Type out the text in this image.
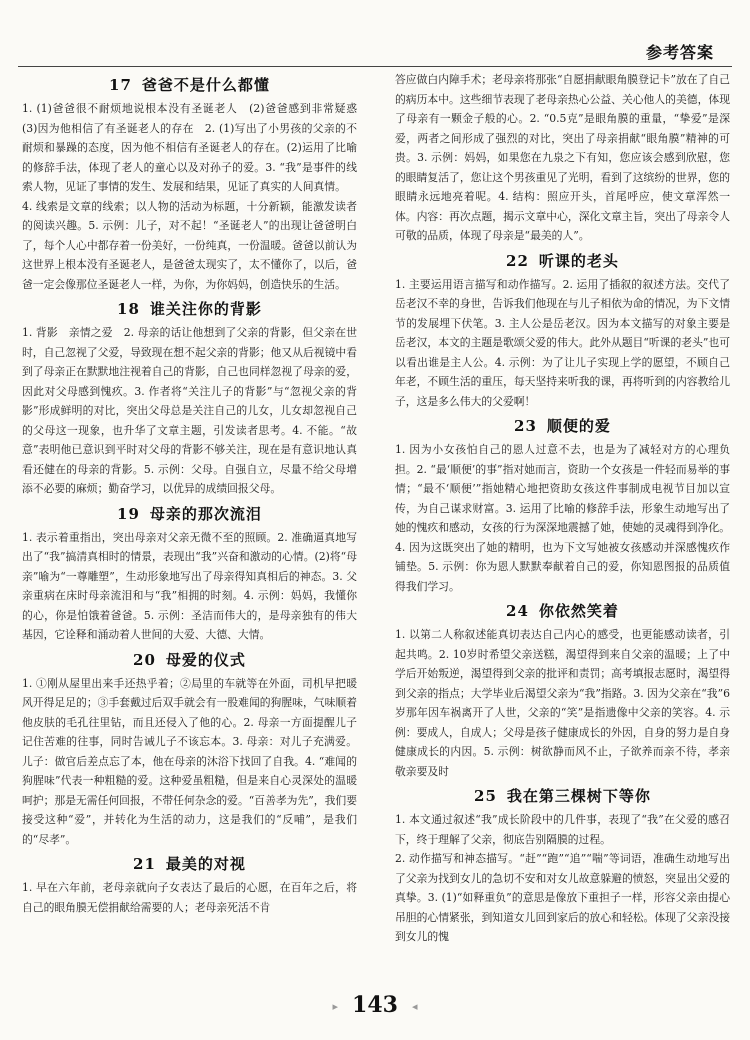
参考答案
17 爸爸不是什么都懂

1. (1)爸爸很不耐烦地说根本没有圣诞老人　(2)爸爸感到非常疑惑　(3)因为他相信了有圣诞老人的存在　2. (1)写出了小男孩的父亲的不耐烦和暴躁的态度，因为他不相信有圣诞老人的存在。(2)运用了比喻的修辞手法，体现了老人的童心以及对孙子的爱。3. “我”是事件的线索人物，见证了事情的发生、发展和结果，见证了真实的人间真情。

4. 线索是文章的线索；以人物的活动为标题，十分新颖，能激发读者的阅读兴趣。5. 示例：儿子，对不起！“圣诞老人”的出现让爸爸明白了，每个人心中都存着一份美好，一份纯真，一份温暖。爸爸以前认为这世界上根本没有圣诞老人，是爸爸太现实了，太不懂你了，以后，爸爸一定会像那位圣诞老人一样，为你，为你妈妈，创造快乐的生活。

18 谁关注你的背影

1. 背影　亲情之爱　2. 母亲的话让他想到了父亲的背影，但父亲在世时，自己忽视了父爱，导致现在想不起父亲的背影；他又从后视镜中看到了母亲正在默默地注视着自己的背影，自己也同样忽视了母亲的爱，因此对父母感到愧疚。3. 作者将“关注儿子的背影”与“忽视父亲的背影”形成鲜明的对比，突出父母总是关注自己的儿女，儿女却忽视自己的父母这一现象，也升华了文章主题，引发读者思考。4. 不能。“故意”表明他已意识到平时对父母的背影不够关注，现在是有意识地认真看还健在的母亲的背影。5. 示例：父母。自强自立，尽量不给父母增添不必要的麻烦；勤奋学习，以优异的成绩回报父母。

19 母亲的那次流泪

1. 表示着重指出，突出母亲对父亲无微不至的照顾。2. 准确逼真地写出了“我”搞清真相时的情景，表现出“我”兴奋和激动的心情。(2)将“母亲”喻为“一尊雕塑”，生动形象地写出了母亲得知真相后的神态。3. 父亲重病在床时母亲流泪和与“我”相拥的时刻。4. 示例：妈妈，我懂你的心，你是怕饿着爸爸。5. 示例：圣洁而伟大的，是母亲独有的伟大基因，它诠释和涌动着人世间的大爱、大德、大情。

20 母爱的仪式

1. ①刚从屋里出来手还热乎着；②局里的车就等在外面，司机早把暖风开得足足的；③手套戴过后双手就会有一股难闻的狗腥味，气味顺着他皮肤的毛孔往里钻，而且还侵入了他的心。2. 母亲一方面提醒儿子记住苦难的往事，同时告诫儿子不该忘本。3. 母亲：对儿子充满爱。儿子：做官后差点忘了本，他在母亲的沐浴下找回了自我。4. “难闻的狗腥味”代表一种粗糙的爱。这种爱虽粗糙，但是来自心灵深处的温暖呵护；那是无需任何回报，不带任何杂念的爱。“百善孝为先”，我们要接受这种“爱”，并转化为生活的动力，这是我们的“反哺”，是我们的“尽孝”。

21 最美的对视

1. 早在六年前，老母亲就向子女表达了最后的心愿，在百年之后，将自己的眼角膜无偿捐献给需要的人；老母亲死活不肯

答应做白内障手术；老母亲将那张“自愿捐献眼角膜登记卡”放在了自己的病历本中。这些细节表现了老母亲热心公益、关心他人的美德，体现了母亲有一颗金子般的心。2. “0.5克”是眼角膜的重量，“挚爱”是深爱，两者之间形成了强烈的对比，突出了母亲捐献“眼角膜”精神的可贵。3. 示例：妈妈，如果您在九泉之下有知，您应该会感到欣慰，您的眼睛复活了，您让这个男孩重见了光明，看到了这缤纷的世界，您的眼睛永远地亮着呢。4. 结构：照应开头，首尾呼应，使文章浑然一体。内容：再次点题，揭示文章中心，深化文章主旨，突出了母亲令人可敬的品质，体现了母亲是“最美的人”。

22 听课的老头

1. 主要运用语言描写和动作描写。2. 运用了插叙的叙述方法。交代了岳老汉不幸的身世，告诉我们他现在与儿子相依为命的情况，为下文情节的发展埋下伏笔。3. 主人公是岳老汉。因为本文描写的对象主要是岳老汉，本文的主题是歌颂父爱的伟大。此外从题目“听课的老头”也可以看出谁是主人公。4. 示例：为了让儿子实现上学的愿望，不顾自己年老，不顾生活的重压，每天坚持来听我的课，再将听到的内容教给儿子，这是多么伟大的父爱啊！

23 顺便的爱

1. 因为小女孩怕自己的恩人过意不去，也是为了减轻对方的心理负担。2. “最‘顺便’的事”指对她而言，资助一个女孩是一件轻而易举的事情；“最不‘顺便’”指她精心地把资助女孩这件事制成电视节目加以宣传，为自己谋求财富。3. 运用了比喻的修辞手法，形象生动地写出了她的愧疚和感动，女孩的行为深深地震撼了她，使她的灵魂得到净化。4. 因为这既突出了她的精明，也为下文写她被女孩感动并深感愧疚作铺垫。5. 示例：你为恩人默默奉献着自己的爱，你知恩图报的品质值得我们学习。

24 你依然笑着

1. 以第二人称叙述能真切表达自己内心的感受，也更能感动读者，引起共鸣。2. 10岁时希望父亲送糕，渴望得到来自父亲的温暖；上了中学后开始叛逆，渴望得到父亲的批评和责罚；高考填报志愿时，渴望得到父亲的指点；大学毕业后渴望父亲为“我”指路。3. 因为父亲在“我”6岁那年因车祸离开了人世，父亲的“笑”是指遗像中父亲的笑容。4. 示例：要成人，自成人；父母是孩子健康成长的外因，自身的努力是自身健康成长的内因。5. 示例：树欲静而风不止，子欲养而亲不待，孝亲敬亲要及时

25 我在第三棵树下等你

1. 本文通过叙述“我”成长阶段中的几件事，表现了“我”在父爱的感召下，终于理解了父亲，彻底告别隔膜的过程。

2. 动作描写和神态描写。“赶”“跑”“追”“喘”等词语，准确生动地写出了父亲为找到女儿的急切不安和对女儿故意躲避的愤怒，突显出父爱的真挚。3. (1)“如释重负”的意思是像放下重担子一样，形容父亲由提心吊胆的心情紧张，到知道女儿回到家后的放心和轻松。体现了父亲没接到女儿的愧

▸ 143 ◂
